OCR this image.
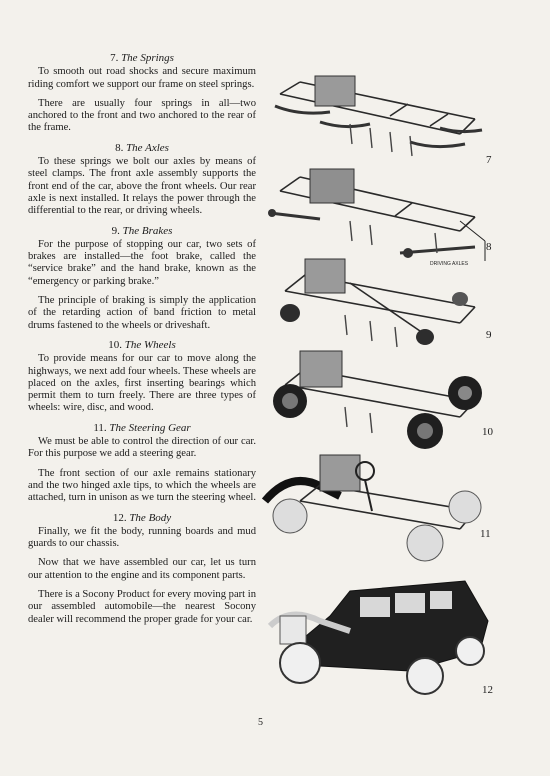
7. The Springs

To smooth out road shocks and secure maximum riding comfort we support our frame on steel springs.

There are usually four springs in all—two anchored to the front and two anchored to the rear of the frame.

8. The Axles

To these springs we bolt our axles by means of steel clamps. The front axle assembly supports the front end of the car, above the front wheels. Our rear axle is next installed. It relays the power through the differential to the rear, or driving wheels.

9. The Brakes

For the purpose of stopping our car, two sets of brakes are installed—the foot brake, called the “service brake” and the hand brake, known as the “emergency or parking brake.”

The principle of braking is simply the application of the retarding action of band friction to metal drums fastened to the wheels or driveshaft.

10. The Wheels

To provide means for our car to move along the highways, we next add four wheels. These wheels are placed on the axles, first inserting bearings which permit them to turn freely. There are three types of wheels: wire, disc, and wood.

11. The Steering Gear

We must be able to control the direction of our car. For this purpose we add a steering gear.

The front section of our axle remains stationary and the two hinged axle tips, to which the wheels are attached, turn in unison as we turn the steering wheel.

12. The Body

Finally, we fit the body, running boards and mud guards to our chassis.

Now that we have assembled our car, let us turn our attention to the engine and its component parts.

There is a Socony Product for every moving part in our assembled automobile—the nearest Socony dealer will recommend the proper grade for your car.

7
DRIVING AXLES
8
9
10
11
12
5
